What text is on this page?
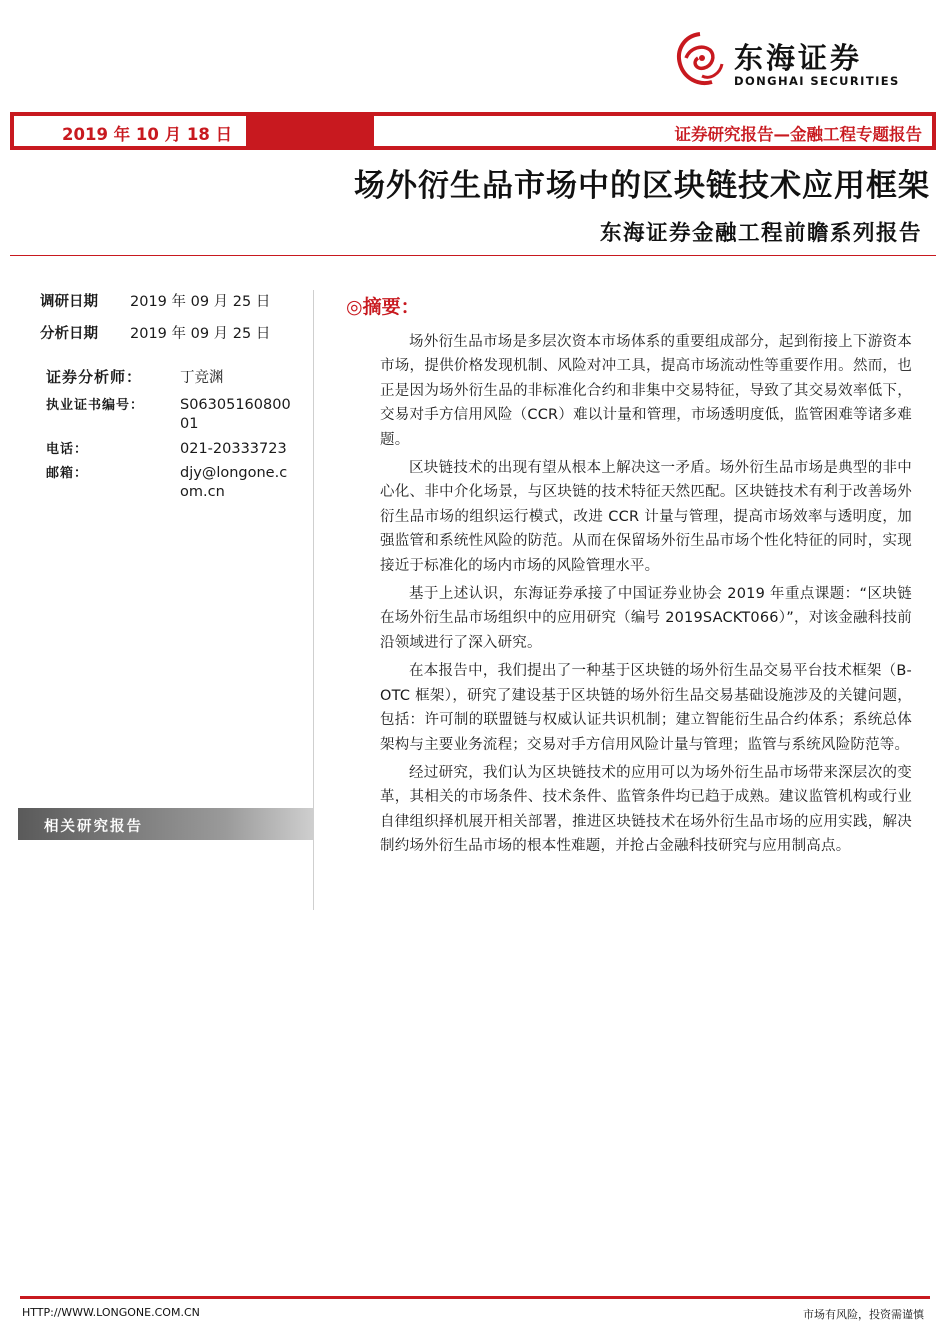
东海证券
DONGHAI SECURITIES
2019 年 10 月 18 日	证券研究报告—金融工程专题报告
场外衍生品市场中的区块链技术应用框架
东海证券金融工程前瞻系列报告
调研日期 2019 年 09 月 25 日
分析日期 2019 年 09 月 25 日
证券分析师：	丁竞渊
执业证书编号： S06305160800
01
电话：	021-20333723
邮箱：	djy@longone.c
om.cn
相关研究报告
◎摘要：

场外衍生品市场是多层次资本市场体系的重要组成部分，起到衔接上下游资本市场，提供价格发现机制、风险对冲工具，提高市场流动性等重要作用。然而，也正是因为场外衍生品的非标准化合约和非集中交易特征，导致了其交易效率低下，交易对手方信用风险（CCR）难以计量和管理，市场透明度低，监管困难等诸多难题。

区块链技术的出现有望从根本上解决这一矛盾。场外衍生品市场是典型的非中心化、非中介化场景，与区块链的技术特征天然匹配。区块链技术有利于改善场外衍生品市场的组织运行模式，改进 CCR 计量与管理，提高市场效率与透明度，加强监管和系统性风险的防范。从而在保留场外衍生品市场个性化特征的同时，实现接近于标准化的场内市场的风险管理水平。

基于上述认识，东海证券承接了中国证券业协会 2019 年重点课题：“区块链在场外衍生品市场组织中的应用研究（编号 2019SACKT066）”，对该金融科技前沿领域进行了深入研究。

在本报告中，我们提出了一种基于区块链的场外衍生品交易平台技术框架（B-OTC 框架），研究了建设基于区块链的场外衍生品交易基础设施涉及的关键问题，包括：许可制的联盟链与权威认证共识机制；建立智能衍生品合约体系；系统总体架构与主要业务流程；交易对手方信用风险计量与管理；监管与系统风险防范等。

经过研究，我们认为区块链技术的应用可以为场外衍生品市场带来深层次的变革，其相关的市场条件、技术条件、监管条件均已趋于成熟。建议监管机构或行业自律组织择机展开相关部署，推进区块链技术在场外衍生品市场的应用实践，解决制约场外衍生品市场的根本性难题，并抢占金融科技研究与应用制高点。

HTTP://WWW.LONGONE.COM.CN	市场有风险，投资需谨慎
